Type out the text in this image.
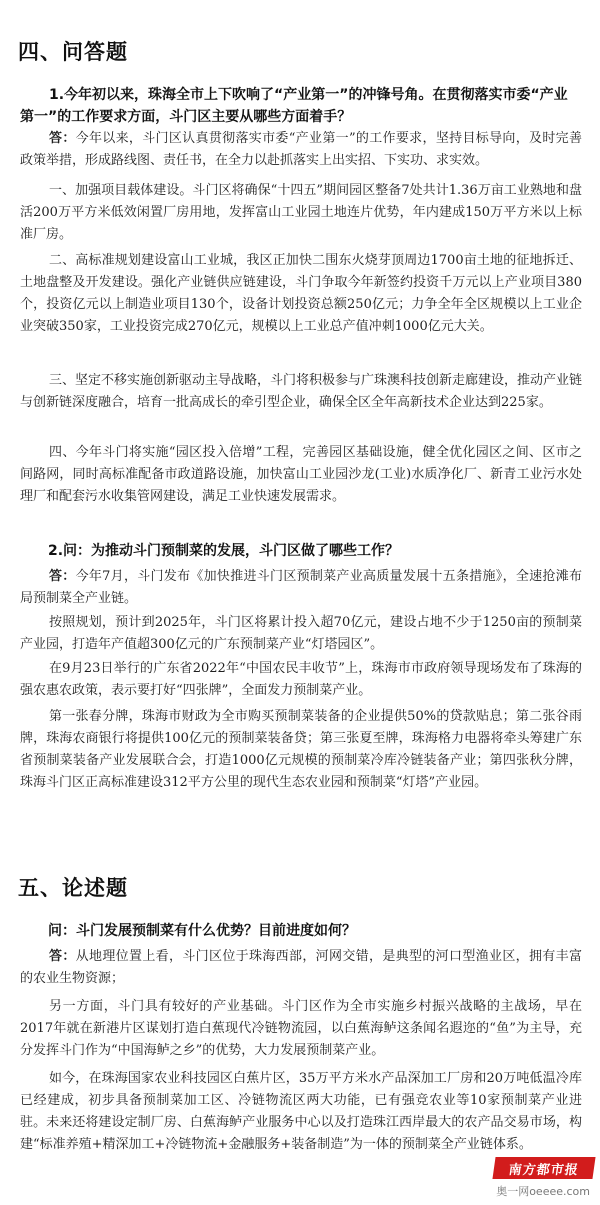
四、问答题
1.今年初以来，珠海全市上下吹响了“产业第一”的冲锋号角。在贯彻落实市委“产业第一”的工作要求方面，斗门区主要从哪些方面着手？
答：今年以来，斗门区认真贯彻落实市委“产业第一”的工作要求，坚持目标导向，及时完善政策举措，形成路线图、责任书，在全力以赴抓落实上出实招、下实功、求实效。
一、加强项目载体建设。斗门区将确保“十四五”期间园区整备7处共计1.36万亩工业熟地和盘活200万平方米低效闲置厂房用地，发挥富山工业园土地连片优势，年内建成150万平方米以上标准厂房。
二、高标准规划建设富山工业城，我区正加快二围东火烧芽顶周边1700亩土地的征地拆迁、土地盘整及开发建设。强化产业链供应链建设，斗门争取今年新签约投资千万元以上产业项目380个，投资亿元以上制造业项目130个，设备计划投资总额250亿元；力争全年全区规模以上工业企业突破350家，工业投资完成270亿元，规模以上工业总产值冲刺1000亿元大关。
三、坚定不移实施创新驱动主导战略，斗门将积极参与广珠澳科技创新走廊建设，推动产业链与创新链深度融合，培育一批高成长的牵引型企业，确保全区全年高新技术企业达到225家。
四、今年斗门将实施“园区投入倍增”工程，完善园区基础设施，健全优化园区之间、区市之间路网，同时高标准配备市政道路设施，加快富山工业园沙龙(工业)水质净化厂、新青工业污水处理厂和配套污水收集管网建设，满足工业快速发展需求。
2.问：为推动斗门预制菜的发展，斗门区做了哪些工作？
答：今年7月，斗门发布《加快推进斗门区预制菜产业高质量发展十五条措施》，全速抢滩布局预制菜全产业链。
按照规划，预计到2025年，斗门区将累计投入超70亿元，建设占地不少于1250亩的预制菜产业园，打造年产值超300亿元的广东预制菜产业“灯塔园区”。
在9月23日举行的广东省2022年“中国农民丰收节”上，珠海市市政府领导现场发布了珠海的强农惠农政策，表示要打好“四张牌”，全面发力预制菜产业。
第一张春分牌，珠海市财政为全市购买预制菜装备的企业提供50%的贷款贴息；第二张谷雨牌，珠海农商银行将提供100亿元的预制菜装备贷；第三张夏至牌，珠海格力电器将牵头筹建广东省预制菜装备产业发展联合会，打造1000亿元规模的预制菜冷库冷链装备产业；第四张秋分牌，珠海斗门区正高标准建设312平方公里的现代生态农业园和预制菜“灯塔”产业园。
五、论述题
问：斗门发展预制菜有什么优势？目前进度如何？
答：从地理位置上看，斗门区位于珠海西部，河网交错，是典型的河口型渔业区，拥有丰富的农业生物资源；
另一方面，斗门具有较好的产业基础。斗门区作为全市实施乡村振兴战略的主战场，早在2017年就在新港片区谋划打造白蕉现代冷链物流园，以白蕉海鲈这条闻名遐迩的“鱼”为主导，充分发挥斗门作为“中国海鲈之乡”的优势，大力发展预制菜产业。
如今，在珠海国家农业科技园区白蕉片区，35万平方米水产品深加工厂房和20万吨低温冷库已经建成，初步具备预制菜加工区、冷链物流区两大功能，已有强竞农业等10家预制菜产业进驻。未来还将建设定制厂房、白蕉海鲈产业服务中心以及打造珠江西岸最大的农产品交易市场，构建“标准养殖+精深加工+冷链物流+金融服务+装备制造”为一体的预制菜全产业链体系。
南方都市报
奥一网oeeee.com
